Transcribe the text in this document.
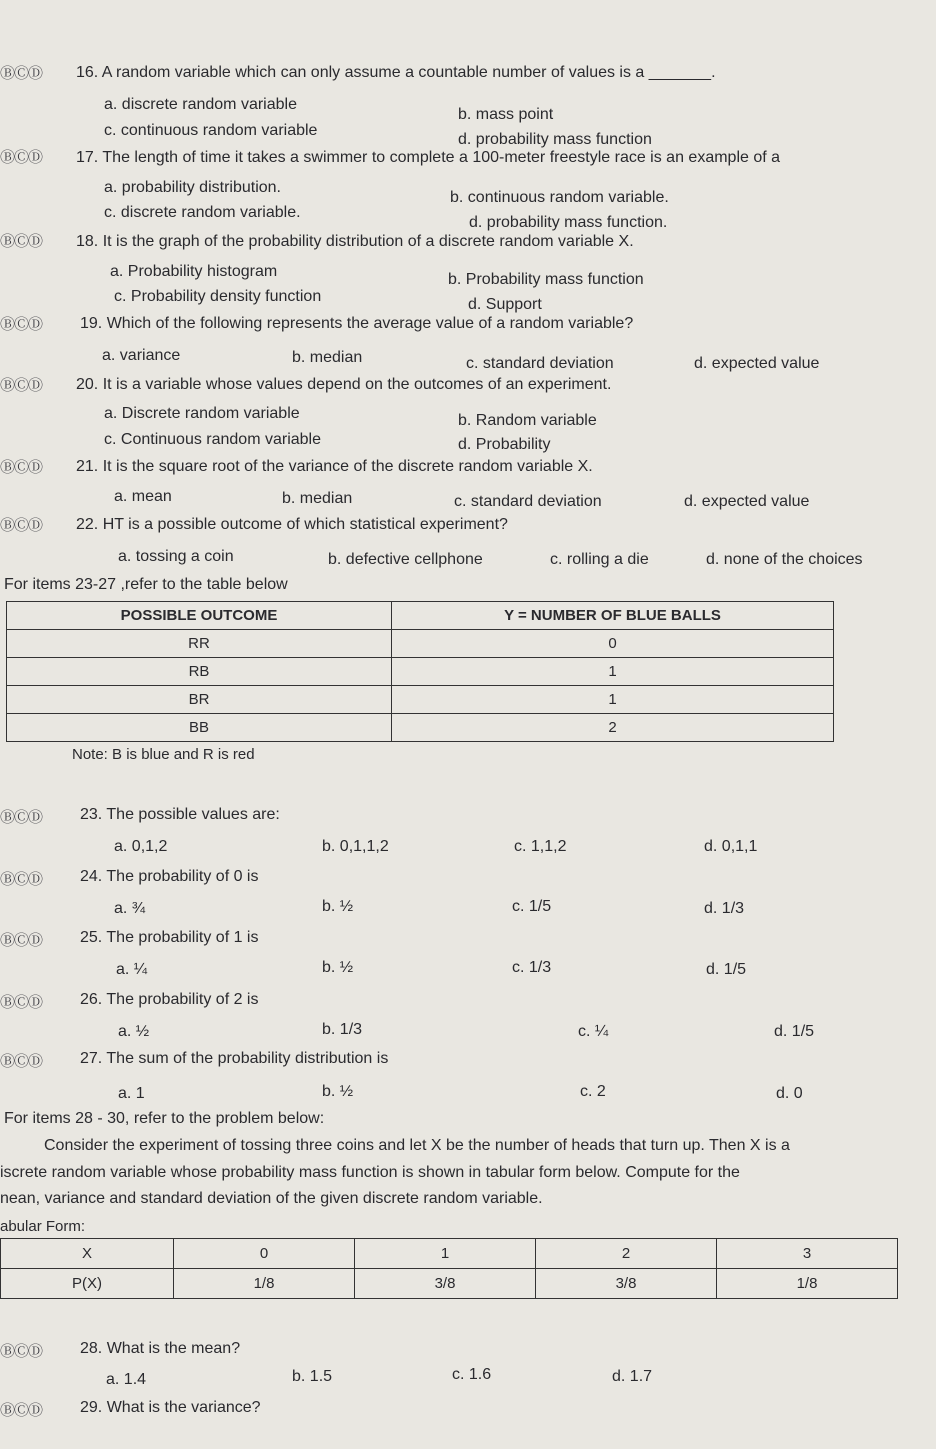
ⒷⒸⒹ 16. A random variable which can only assume a countable number of values is a _______.
a. discrete random variable
b. mass point
c. continuous random variable
d. probability mass function
ⒷⒸⒹ 17. The length of time it takes a swimmer to complete a 100-meter freestyle race is an example of a
a. probability distribution.
b. continuous random variable.
c. discrete random variable.
d. probability mass function.
ⒷⒸⒹ 18. It is the graph of the probability distribution of a discrete random variable X.
a. Probability histogram	b. Probability mass function
c. Probability density function	d. Support
ⒷⒸⒹ 19. Which of the following represents the average value of a random variable?
a. variance	b. median	c. standard deviation	d. expected value
ⒷⒸⒹ 20. It is a variable whose values depend on the outcomes of an experiment.
a. Discrete random variable	b. Random variable
c. Continuous random variable	d. Probability
ⒷⒸⒹ 21. It is the square root of the variance of the discrete random variable X.
a. mean	b. median	c. standard deviation	d. expected value
ⒷⒸⒹ 22. HT is a possible outcome of which statistical experiment?
a. tossing a coin	b. defective cellphone	c. rolling a die	d. none of the choices
For items 23-27 ,refer to the table below
POSSIBLE OUTCOME	Y = NUMBER OF BLUE BALLS
RR	0
RB	1
BR	1
BB	2
Note: B is blue and R is red
ⒷⒸⒹ 23. The possible values are:
a. 0,1,2	b. 0,1,1,2	c. 1,1,2	d. 0,1,1
ⒷⒸⒹ 24. The probability of 0 is
a. ¾	b. ½	c. 1/5	d. 1/3
ⒷⒸⒹ 25. The probability of 1 is
a. ¼	b. ½	c. 1/3	d. 1/5
ⒷⒸⒹ 26. The probability of 2 is
a. ½	b. 1/3	c. ¼	d. 1/5
ⒷⒸⒹ 27. The sum of the probability distribution is
a. 1	b. ½	c. 2	d. 0
For items 28 - 30, refer to the problem below:
Consider the experiment of tossing three coins and let X be the number of heads that turn up. Then X is a
iscrete random variable whose probability mass function is shown in tabular form below. Compute for the
nean, variance and standard deviation of the given discrete random variable.
abular Form:
X	0	1	2	3
P(X)	1/8	3/8	3/8	1/8
ⒷⒸⒹ 28. What is the mean?
a. 1.4	b. 1.5	c. 1.6	d. 1.7
ⒷⒸⒹ 29. What is the variance?
